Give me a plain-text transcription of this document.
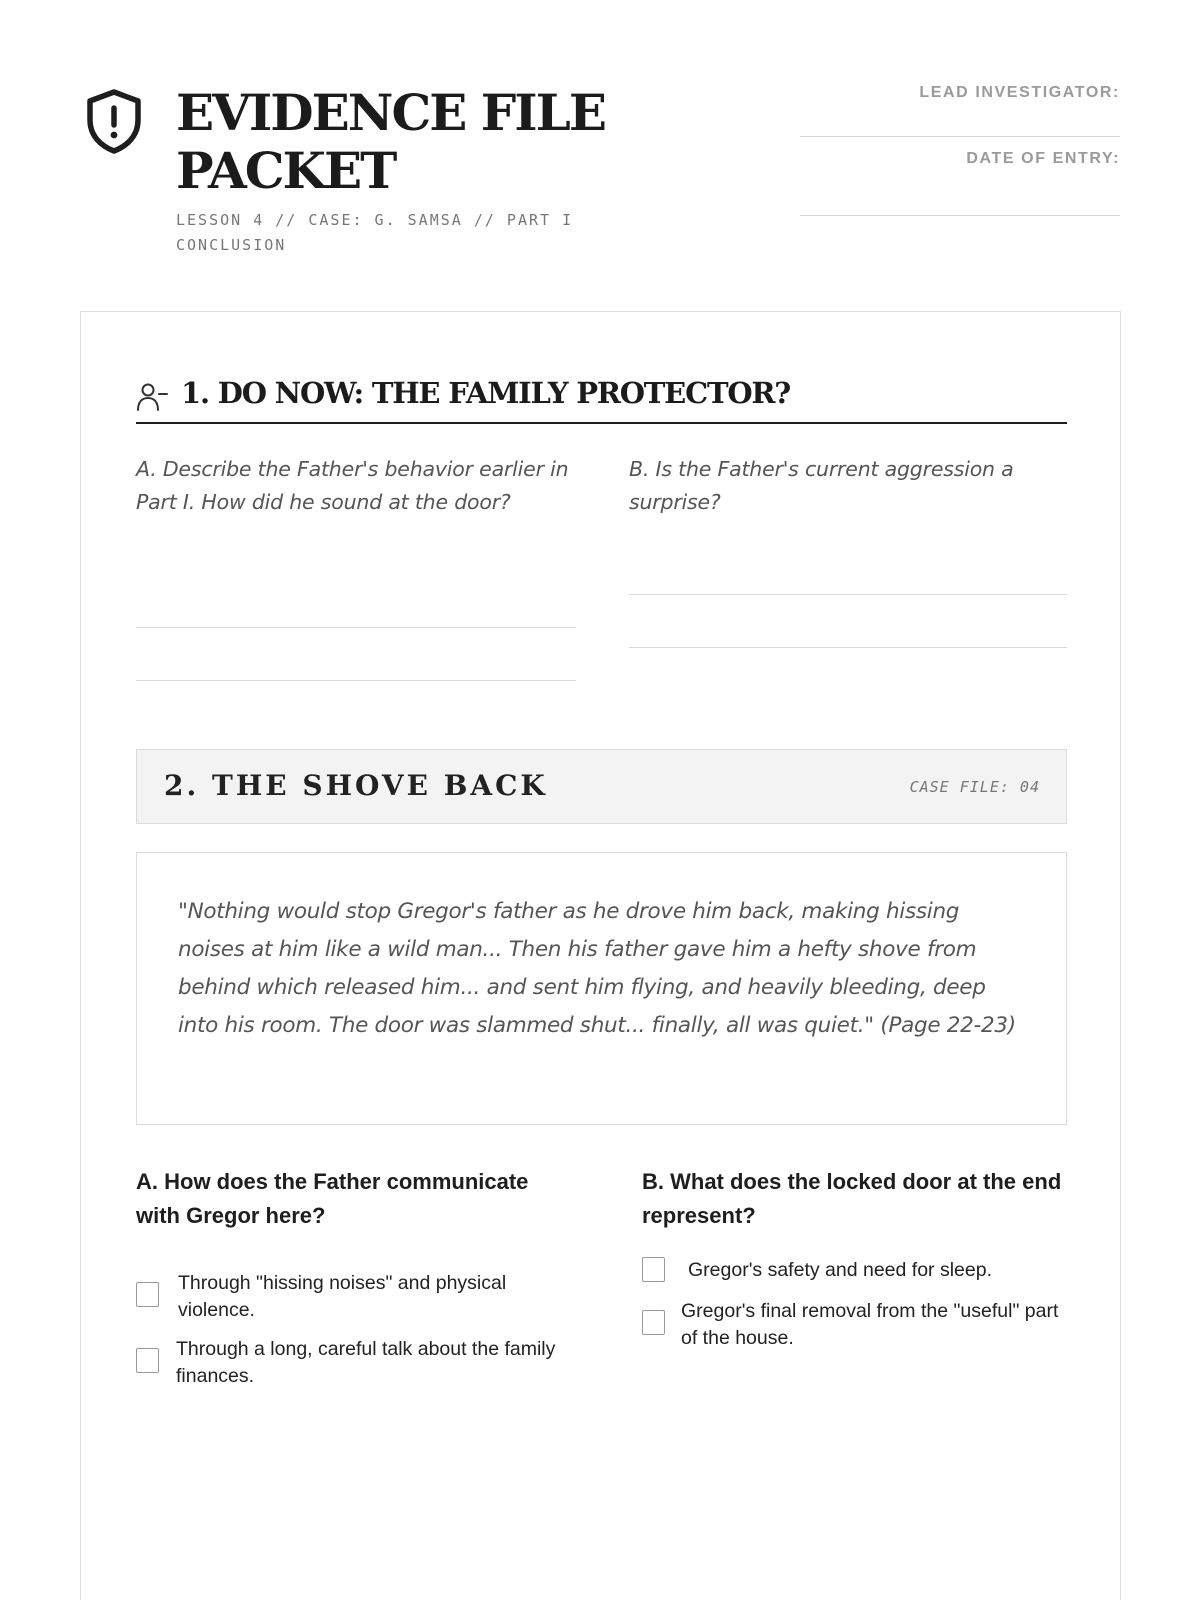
EVIDENCE FILE PACKET
LESSON 4 // CASE: G. SAMSA // PART I CONCLUSION
LEAD INVESTIGATOR:
DATE OF ENTRY:
1. DO NOW: THE FAMILY PROTECTOR?
A. Describe the Father's behavior earlier in Part I. How did he sound at the door?
B. Is the Father's current aggression a surprise?
2. THE SHOVE BACK	CASE FILE: 04
"Nothing would stop Gregor's father as he drove him back, making hissing noises at him like a wild man... Then his father gave him a hefty shove from behind which released him... and sent him flying, and heavily bleeding, deep into his room. The door was slammed shut... finally, all was quiet." (Page 22-23)
A. How does the Father communicate with Gregor here?
Through "hissing noises" and physical violence.
Through a long, careful talk about the family finances.
B. What does the locked door at the end represent?
Gregor's safety and need for sleep.
Gregor's final removal from the "useful" part of the house.
